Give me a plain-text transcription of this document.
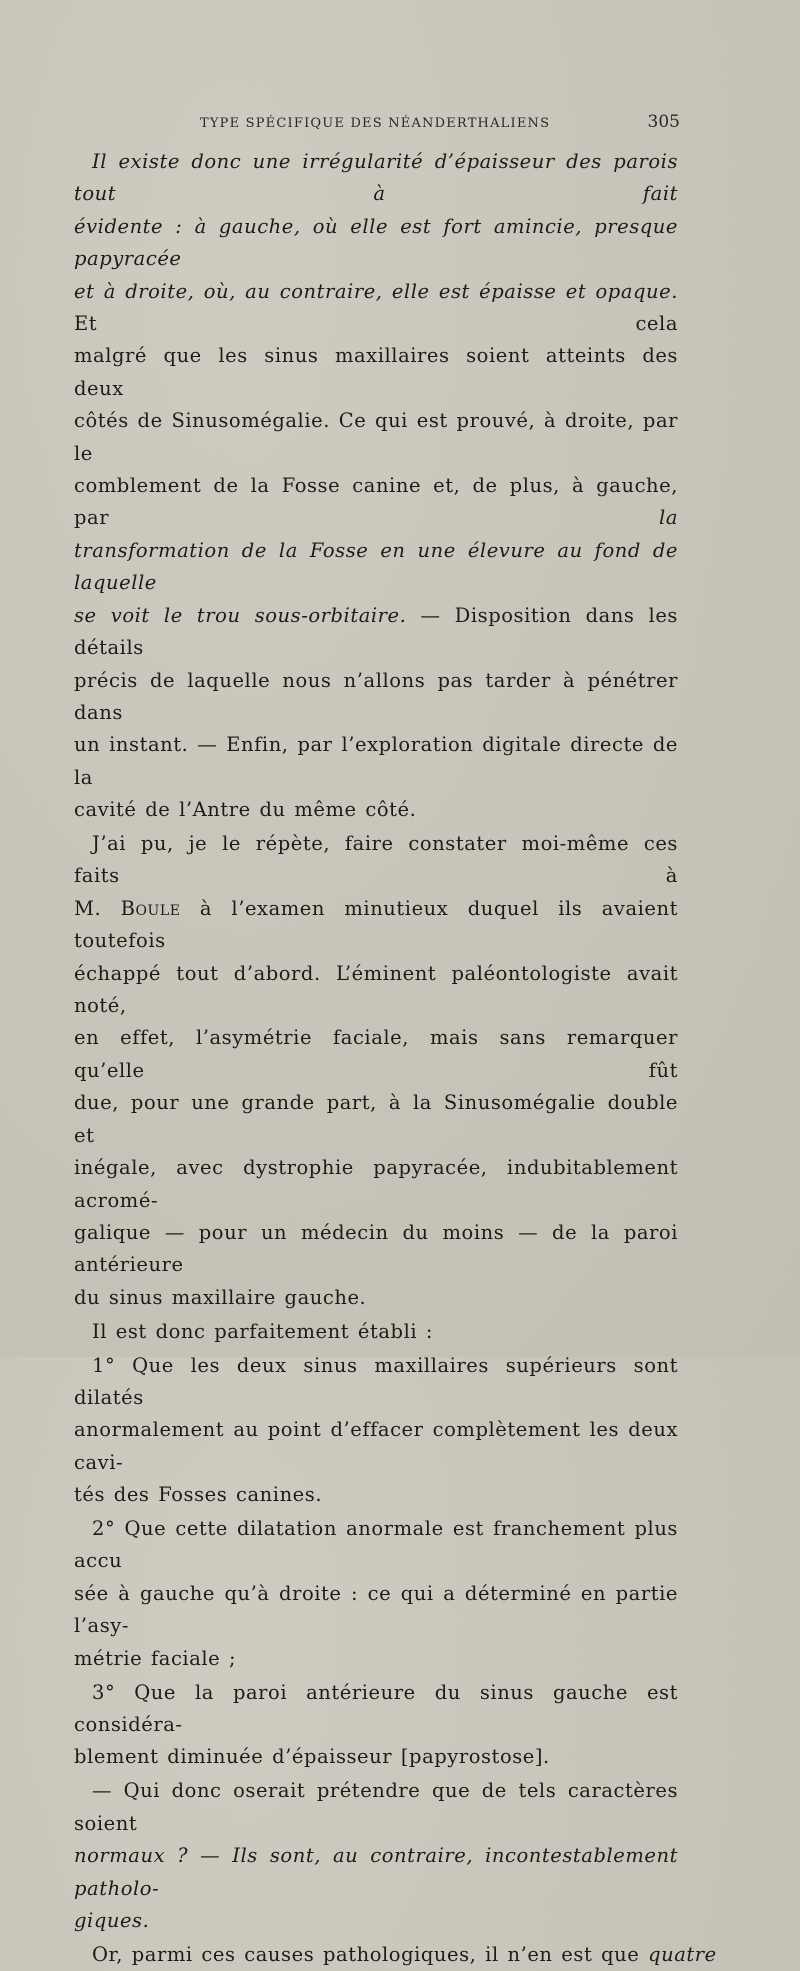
TYPE SPÉCIFIQUE DES NÉANDERTHALIENS	305
Il existe donc une irrégularité d’épaisseur des parois tout à fait
évidente : à gauche, où elle est fort amincie, presque papyracée
et à droite, où, au contraire, elle est épaisse et opaque. Et cela
malgré que les sinus maxillaires soient atteints des deux
côtés de Sinusomégalie. Ce qui est prouvé, à droite, par le
comblement de la Fosse canine et, de plus, à gauche, par la
transformation de la Fosse en une élevure au fond de laquelle
se voit le trou sous-orbitaire. — Disposition dans les détails
précis de laquelle nous n’allons pas tarder à pénétrer dans
un instant. — Enfin, par l’exploration digitale directe de la
cavité de l’Antre du même côté.
J’ai pu, je le répète, faire constater moi-même ces faits à
M. Boule à l’examen minutieux duquel ils avaient toutefois
échappé tout d’abord. L’éminent paléontologiste avait noté,
en effet, l’asymétrie faciale, mais sans remarquer qu’elle fût
due, pour une grande part, à la Sinusomégalie double et
inégale, avec dystrophie papyracée, indubitablement acromé-
galique — pour un médecin du moins — de la paroi antérieure
du sinus maxillaire gauche.
Il est donc parfaitement établi :
1° Que les deux sinus maxillaires supérieurs sont dilatés
anormalement au point d’effacer complètement les deux cavi-
tés des Fosses canines.
2° Que cette dilatation anormale est franchement plus accu
sée à gauche qu’à droite : ce qui a déterminé en partie l’asy-
métrie faciale ;
3° Que la paroi antérieure du sinus gauche est considéra-
blement diminuée d’épaisseur [papyrostose].
— Qui donc oserait prétendre que de tels caractères soient
normaux ? — Ils sont, au contraire, incontestablement patholo-
giques.
Or, parmi ces causes pathologiques, il n’en est que quatre
